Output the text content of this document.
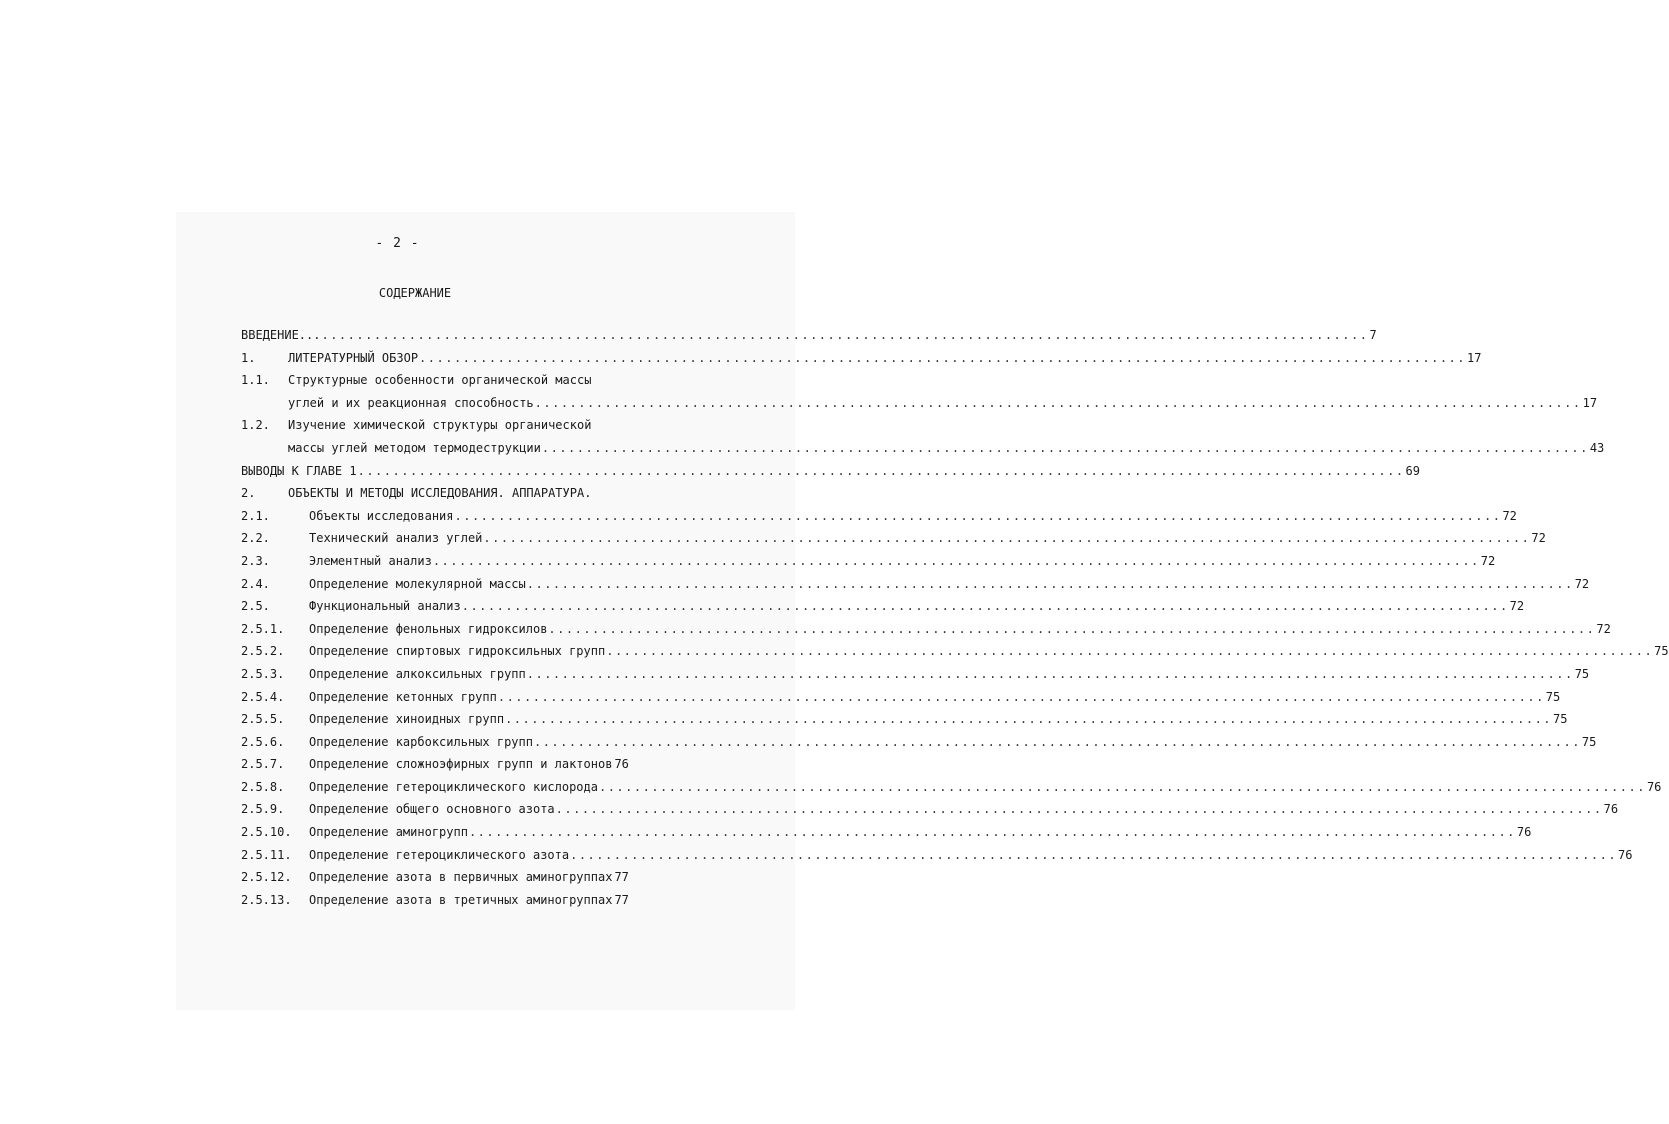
- 2 -
СОДЕРЖАНИЕ
ВВЕДЕНИЕ... ........................................................................................................................ 7
1.	ЛИТЕРАТУРНЫЙ ОБЗОР ........................................................................................................................ 17
1.1. Структурные особенности органической массы
углей и их реакционная способность ........................................................................................................................ 17
1.2. Изучение химической структуры органической
массы углей методом термодеструкции ........................................................................................................................ 43
ВЫВОДЫ К ГЛАВЕ 1 ........................................................................................................................ 69
2.	ОБЪЕКТЫ И МЕТОДЫ ИССЛЕДОВАНИЯ. АППАРАТУРА.
2.1.	Объекты исследования ........................................................................................................................ 72
2.2.	Технический анализ углей ........................................................................................................................ 72
2.3.	Элементный анализ ........................................................................................................................ 72
2.4.	Определение молекулярной массы ........................................................................................................................ 72
2.5.	Функциональный анализ ........................................................................................................................ 72
2.5.1. Определение фенольных гидроксилов ........................................................................................................................ 72
2.5.2. Определение спиртовых гидроксильных групп ........................................................................................................................ 75
2.5.3. Определение алкоксильных групп ........................................................................................................................ 75
2.5.4. Определение кетонных групп ........................................................................................................................ 75
2.5.5. Определение хиноидных групп ........................................................................................................................ 75
2.5.6. Определение карбоксильных групп ........................................................................................................................ 75
2.5.7. Определение сложноэфирных групп и лактонов 76
2.5.8. Определение гетероциклического кислорода ........................................................................................................................ 76
2.5.9. Определение общего основного азота ........................................................................................................................ 76
2.5.10. Определение аминогрупп ........................................................................................................................ 76
2.5.11. Определение гетероциклического азота ........................................................................................................................ 76
2.5.12. Определение азота в первичных аминогруппах 77
2.5.13. Определение азота в третичных аминогруппах 77
